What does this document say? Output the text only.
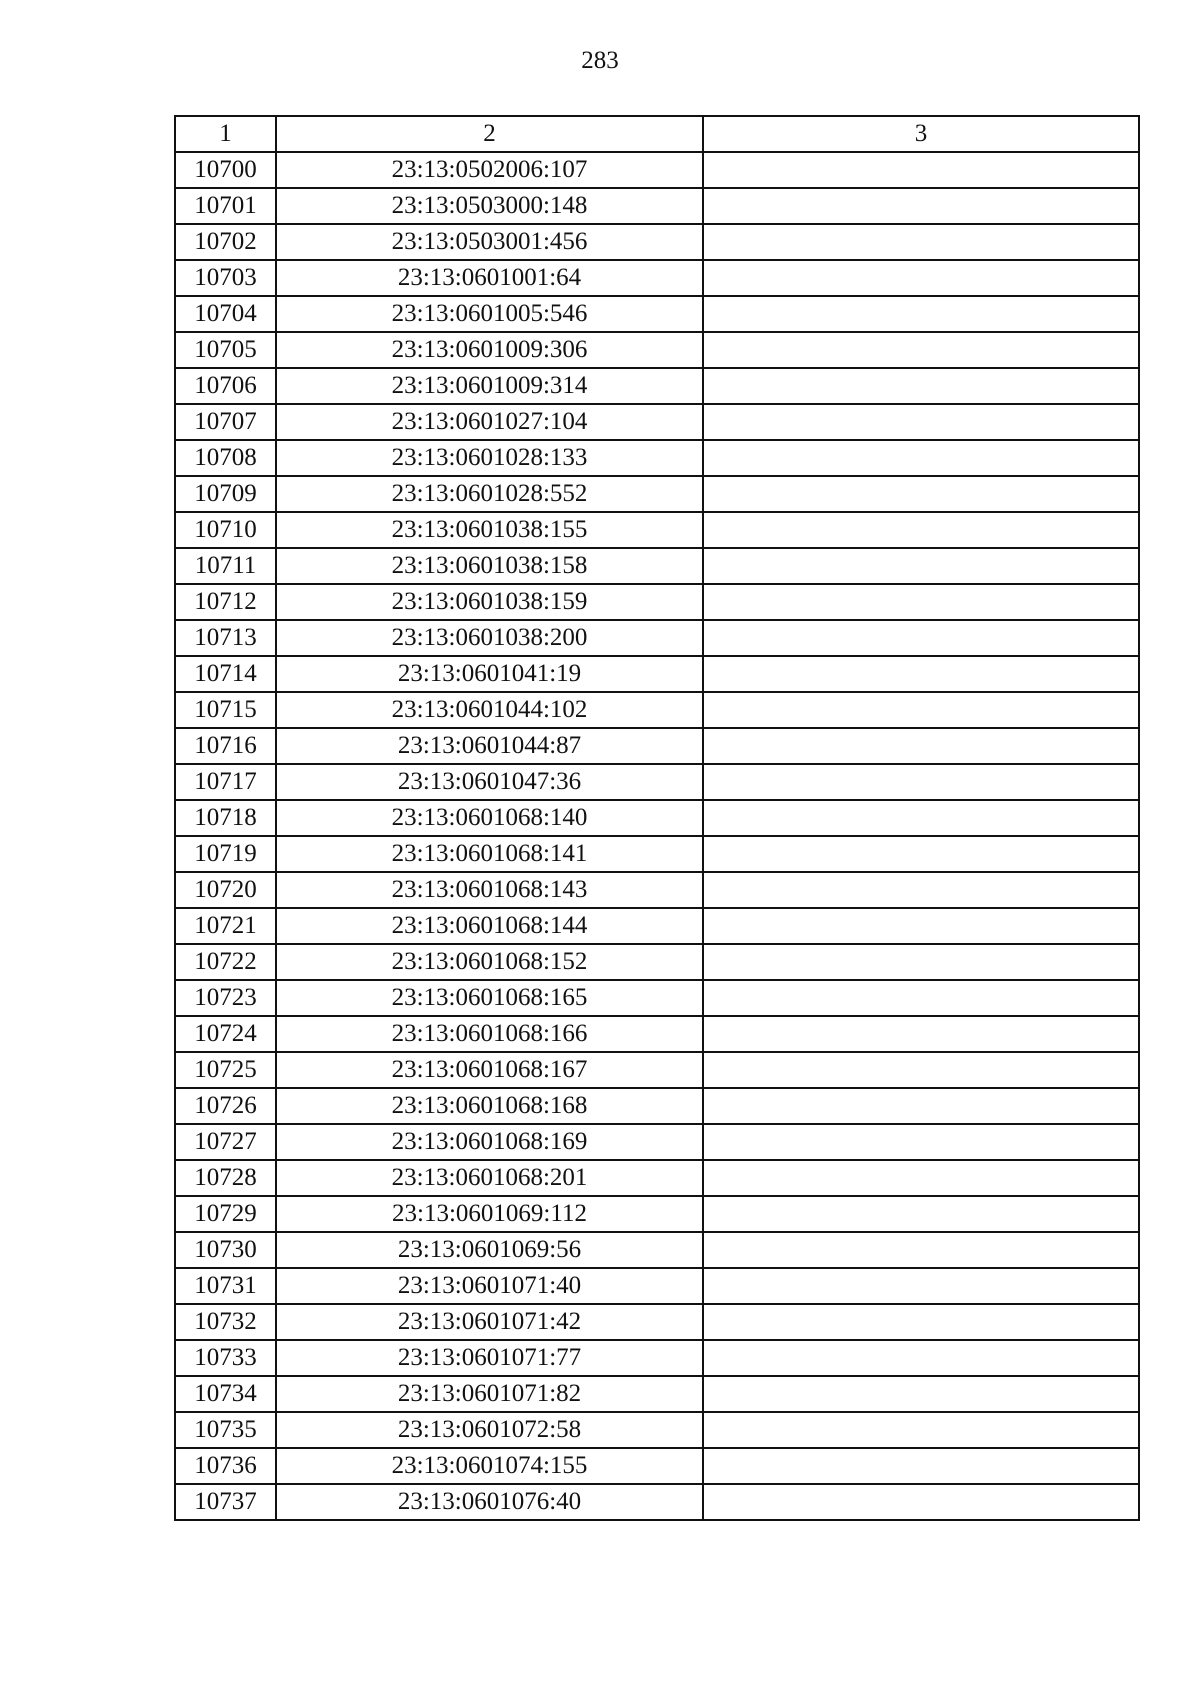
283
1	2	3
10700	23:13:0502006:107	
10701	23:13:0503000:148	
10702	23:13:0503001:456	
10703	23:13:0601001:64	
10704	23:13:0601005:546	
10705	23:13:0601009:306	
10706	23:13:0601009:314	
10707	23:13:0601027:104	
10708	23:13:0601028:133	
10709	23:13:0601028:552	
10710	23:13:0601038:155	
10711	23:13:0601038:158	
10712	23:13:0601038:159	
10713	23:13:0601038:200	
10714	23:13:0601041:19	
10715	23:13:0601044:102	
10716	23:13:0601044:87	
10717	23:13:0601047:36	
10718	23:13:0601068:140	
10719	23:13:0601068:141	
10720	23:13:0601068:143	
10721	23:13:0601068:144	
10722	23:13:0601068:152	
10723	23:13:0601068:165	
10724	23:13:0601068:166	
10725	23:13:0601068:167	
10726	23:13:0601068:168	
10727	23:13:0601068:169	
10728	23:13:0601068:201	
10729	23:13:0601069:112	
10730	23:13:0601069:56	
10731	23:13:0601071:40	
10732	23:13:0601071:42	
10733	23:13:0601071:77	
10734	23:13:0601071:82	
10735	23:13:0601072:58	
10736	23:13:0601074:155	
10737	23:13:0601076:40	
